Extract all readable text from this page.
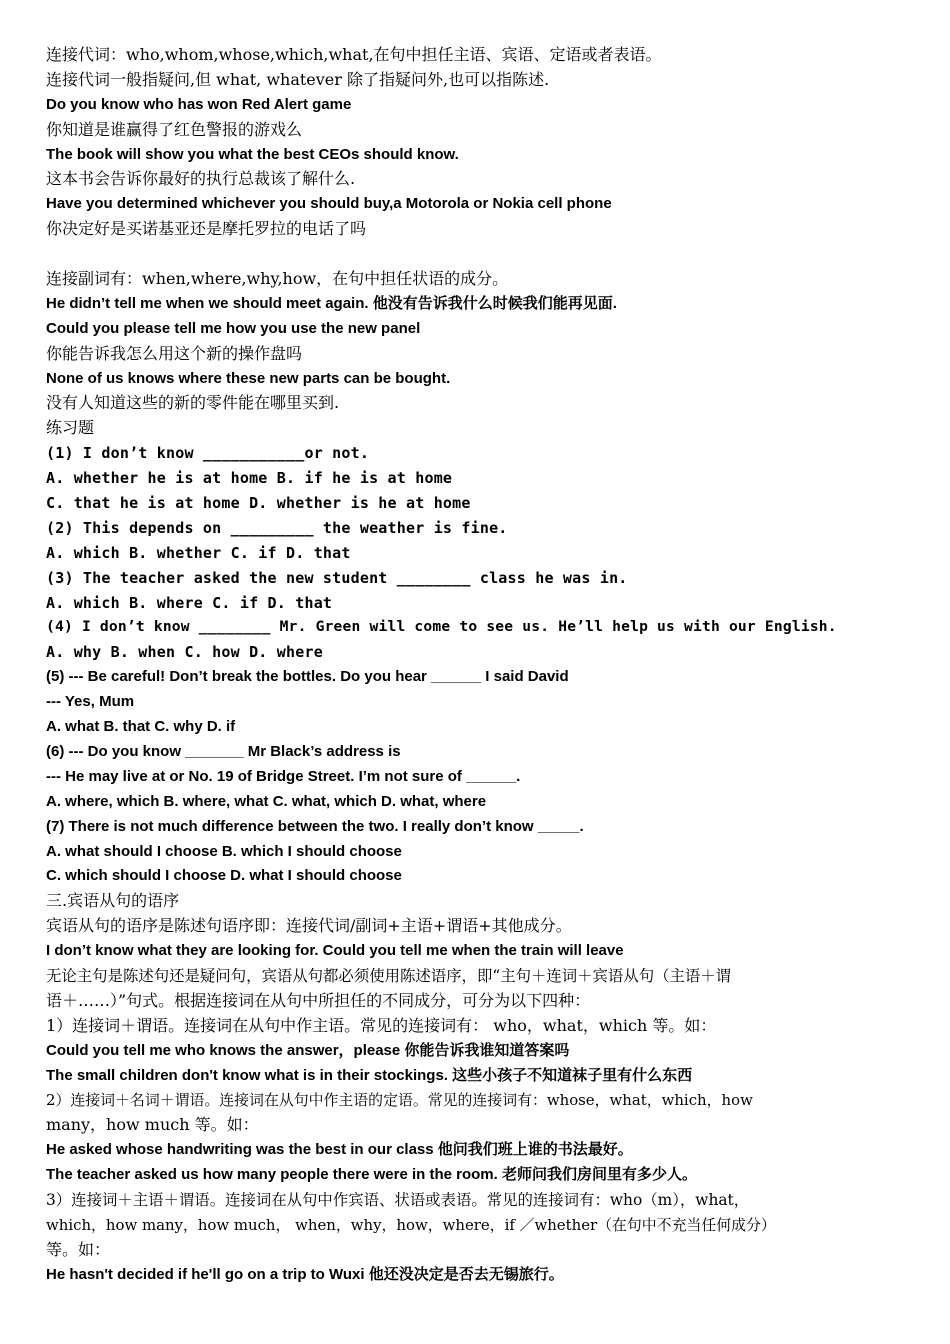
连接代词：who,whom,whose,which,what,在句中担任主语、宾语、定语或者表语。
连接代词一般指疑问,但 what, whatever 除了指疑问外,也可以指陈述.
Do you know who has won Red Alert game
你知道是谁赢得了红色警报的游戏么
The book will show you what the best CEOs should know.
这本书会告诉你最好的执行总裁该了解什么.
Have you determined whichever you should buy,a Motorola or Nokia cell phone
你决定好是买诺基亚还是摩托罗拉的电话了吗
连接副词有：when,where,why,how，在句中担任状语的成分。
He didn’t tell me when we should meet again. 他没有告诉我什么时候我们能再见面.
Could you please tell me how you use the new panel
你能告诉我怎么用这个新的操作盘吗
None of us knows where these new parts can be bought.
没有人知道这些的新的零件能在哪里买到.
练习题
(1) I don’t know ___________or not.
A. whether he is at home B. if he is at home
C. that he is at home D. whether is he at home
(2) This depends on _________ the weather is fine.
A. which B. whether C. if D. that
(3) The teacher asked the new student ________ class he was in.
A. which B. where C. if D. that
(4) I don’t know ________ Mr. Green will come to see us. He’ll help us with our English.
A. why B. when C. how D. where
(5) --- Be careful! Don’t break the bottles. Do you hear ______ I said David
--- Yes, Mum
A. what B. that C. why D. if
(6) --- Do you know _______ Mr Black’s address is
--- He may live at or No. 19 of Bridge Street. I’m not sure of ______.
A. where, which B. where, what C. what, which D. what, where
(7) There is not much difference between the two. I really don’t know _____.
A. what should I choose B. which I should choose
C. which should I choose D. what I should choose
三.宾语从句的语序
宾语从句的语序是陈述句语序即：连接代词/副词+主语+谓语+其他成分。
I don’t know what they are looking for. Could you tell me when the train will leave
无论主句是陈述句还是疑问句，宾语从句都必须使用陈述语序，即“主句＋连词＋宾语从句（主语＋谓
语＋……）”句式。根据连接词在从句中所担任的不同成分，可分为以下四种：
1）连接词＋谓语。连接词在从句中作主语。常见的连接词有： who，what，which 等。如：
Could you tell me who knows the answer，please 你能告诉我谁知道答案吗
The small children don't know what is in their stockings. 这些小孩子不知道袜子里有什么东西
2）连接词＋名词＋谓语。连接词在从句中作主语的定语。常见的连接词有：whose，what，which，how
many，how much 等。如：
He asked whose handwriting was the best in our class 他问我们班上谁的书法最好。
The teacher asked us how many people there were in the room. 老师问我们房间里有多少人。
3）连接词＋主语＋谓语。连接词在从句中作宾语、状语或表语。常见的连接词有：who（m），what，
which，how many，how much， when，why，how，where，if ／whether（在句中不充当任何成分）
等。如：
He hasn't decided if he'll go on a trip to Wuxi 他还没决定是否去无锡旅行。
